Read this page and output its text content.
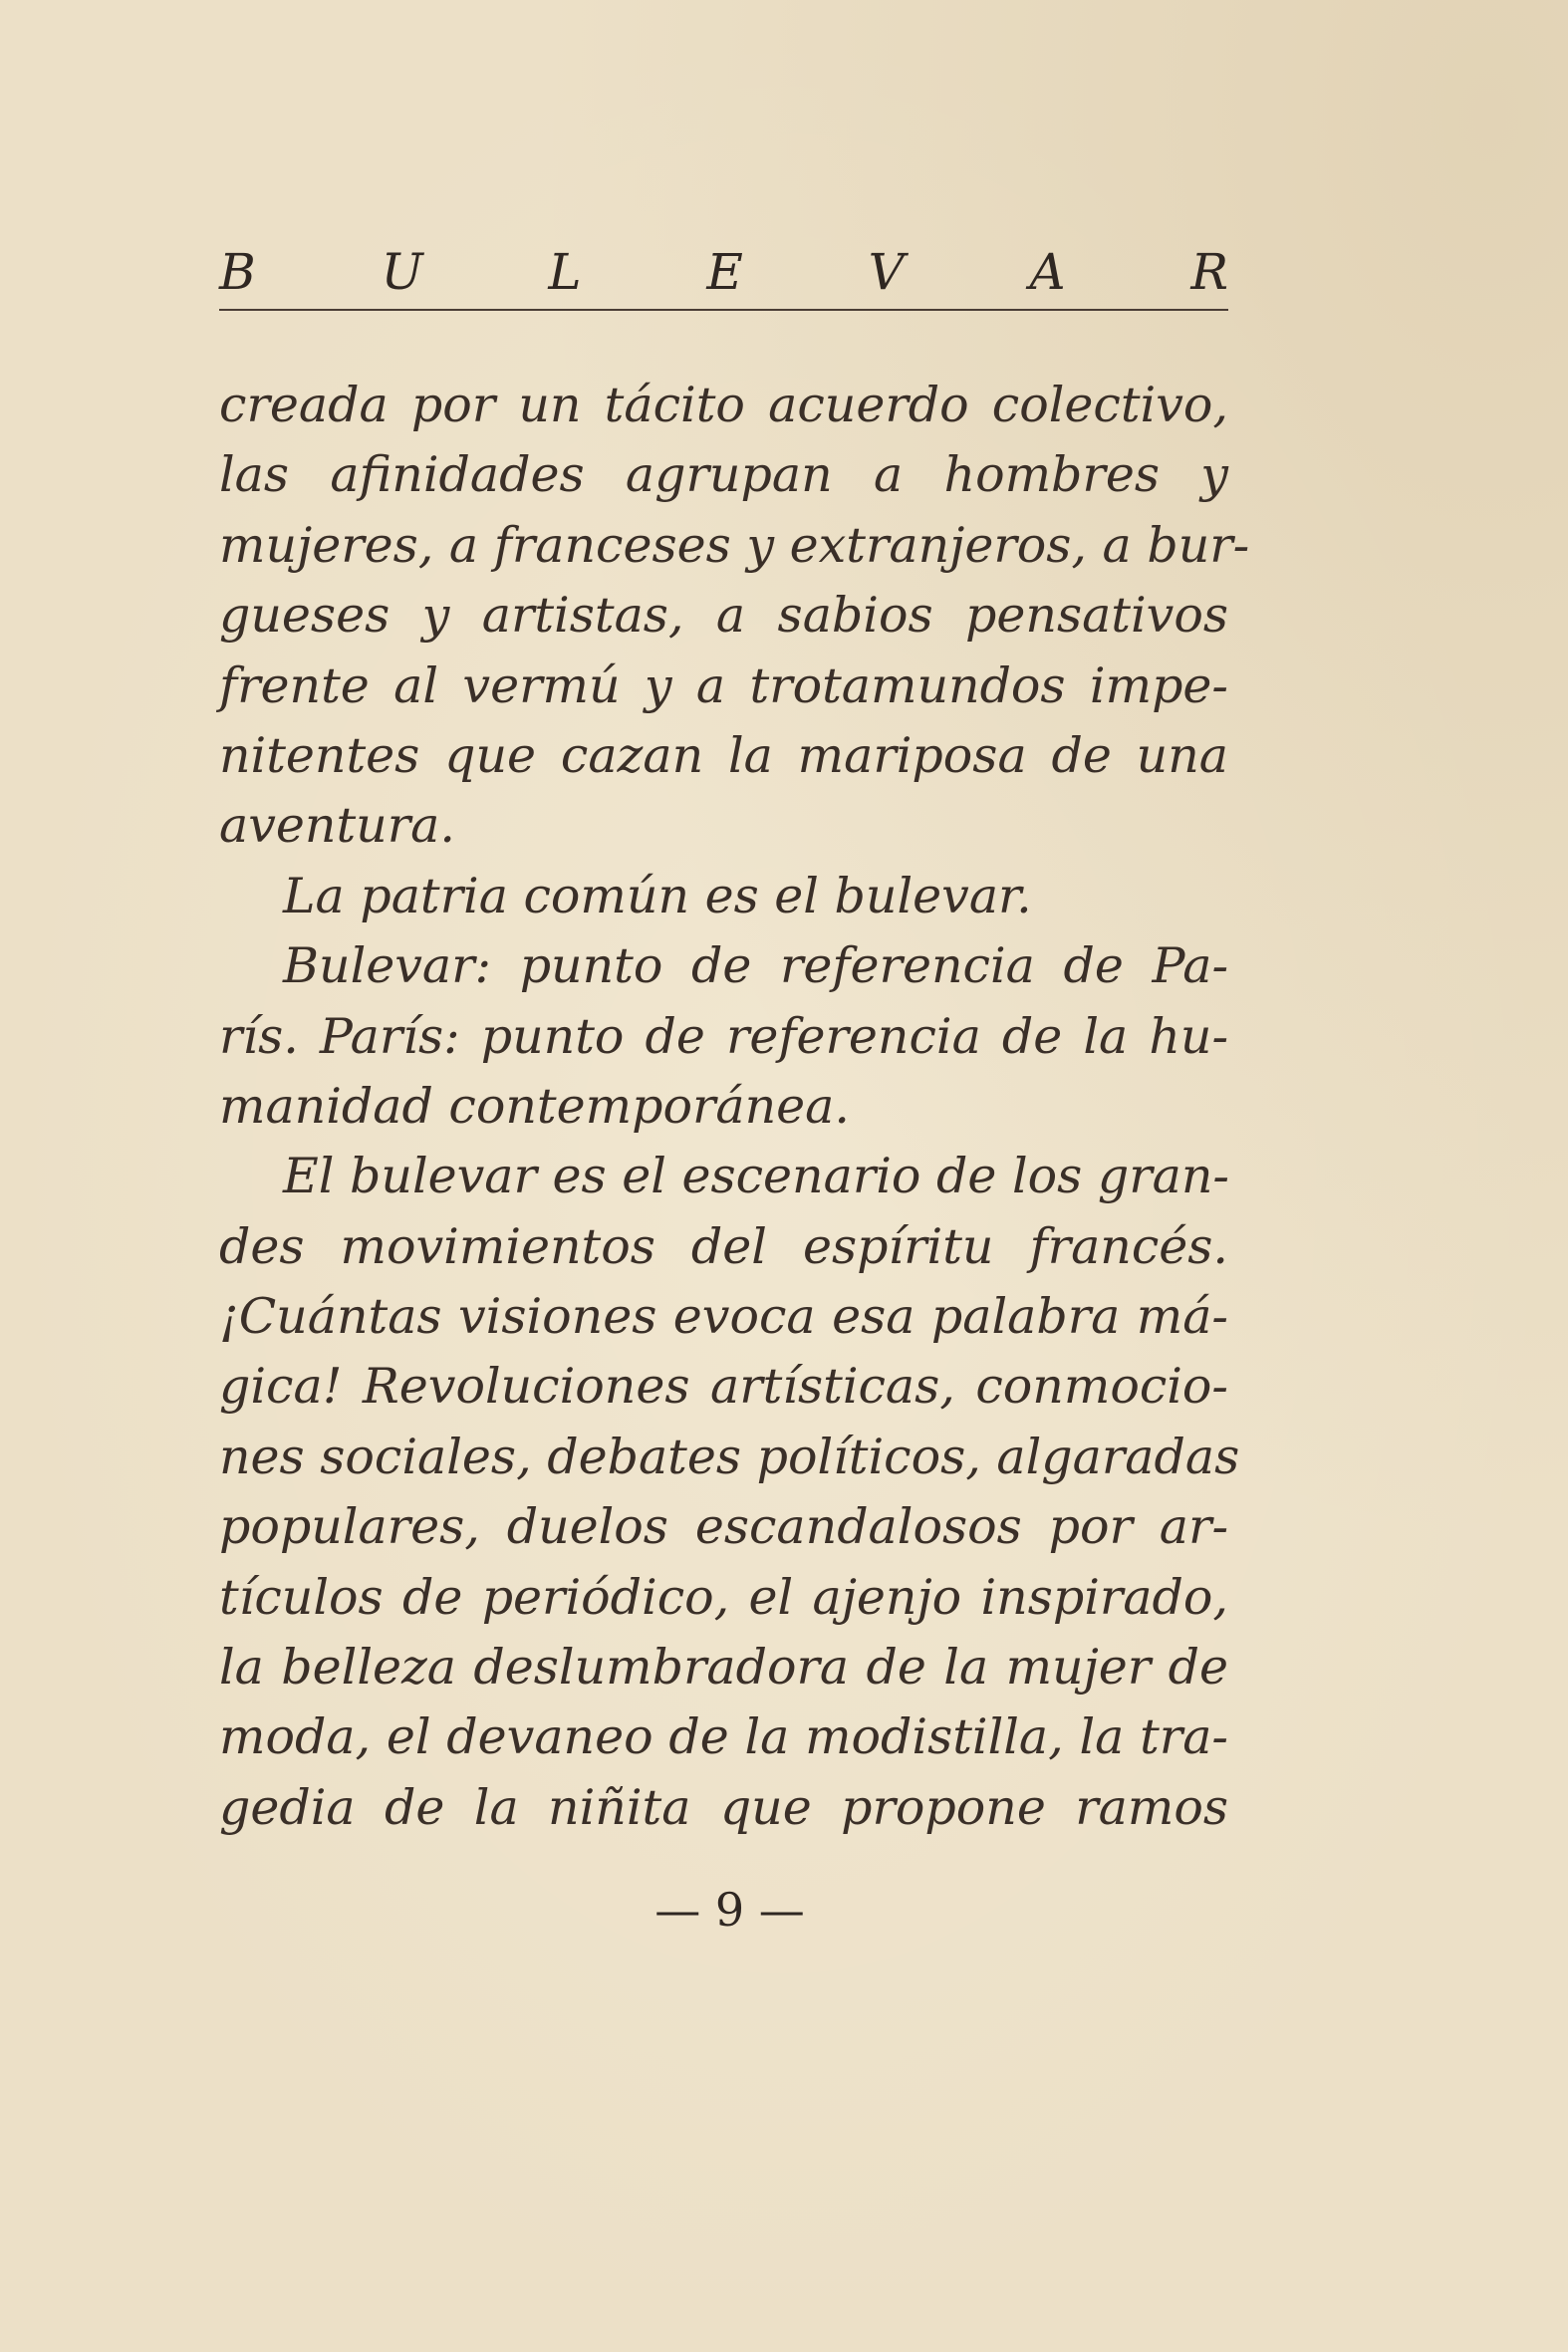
B	U	L	E	V	A	R
creada por un tácito acuerdo colectivo,
las afinidades agrupan a hombres y
mujeres, a franceses y extranjeros, a bur-
gueses y artistas, a sabios pensativos
frente al vermú y a trotamundos impe-
nitentes que cazan la mariposa de una
aventura.
La patria común es el bulevar.
Bulevar: punto de referencia de Pa-
rís. París: punto de referencia de la hu-
manidad contemporánea.
El bulevar es el escenario de los gran-
des movimientos del espíritu francés.
¡Cuántas visiones evoca esa palabra má-
gica! Revoluciones artísticas, conmocio-
nes sociales, debates políticos, algaradas
populares, duelos escandalosos por ar-
tículos de periódico, el ajenjo inspirado,
la belleza deslumbradora de la mujer de
moda, el devaneo de la modistilla, la tra-
gedia de la niñita que propone ramos
— 9 —
